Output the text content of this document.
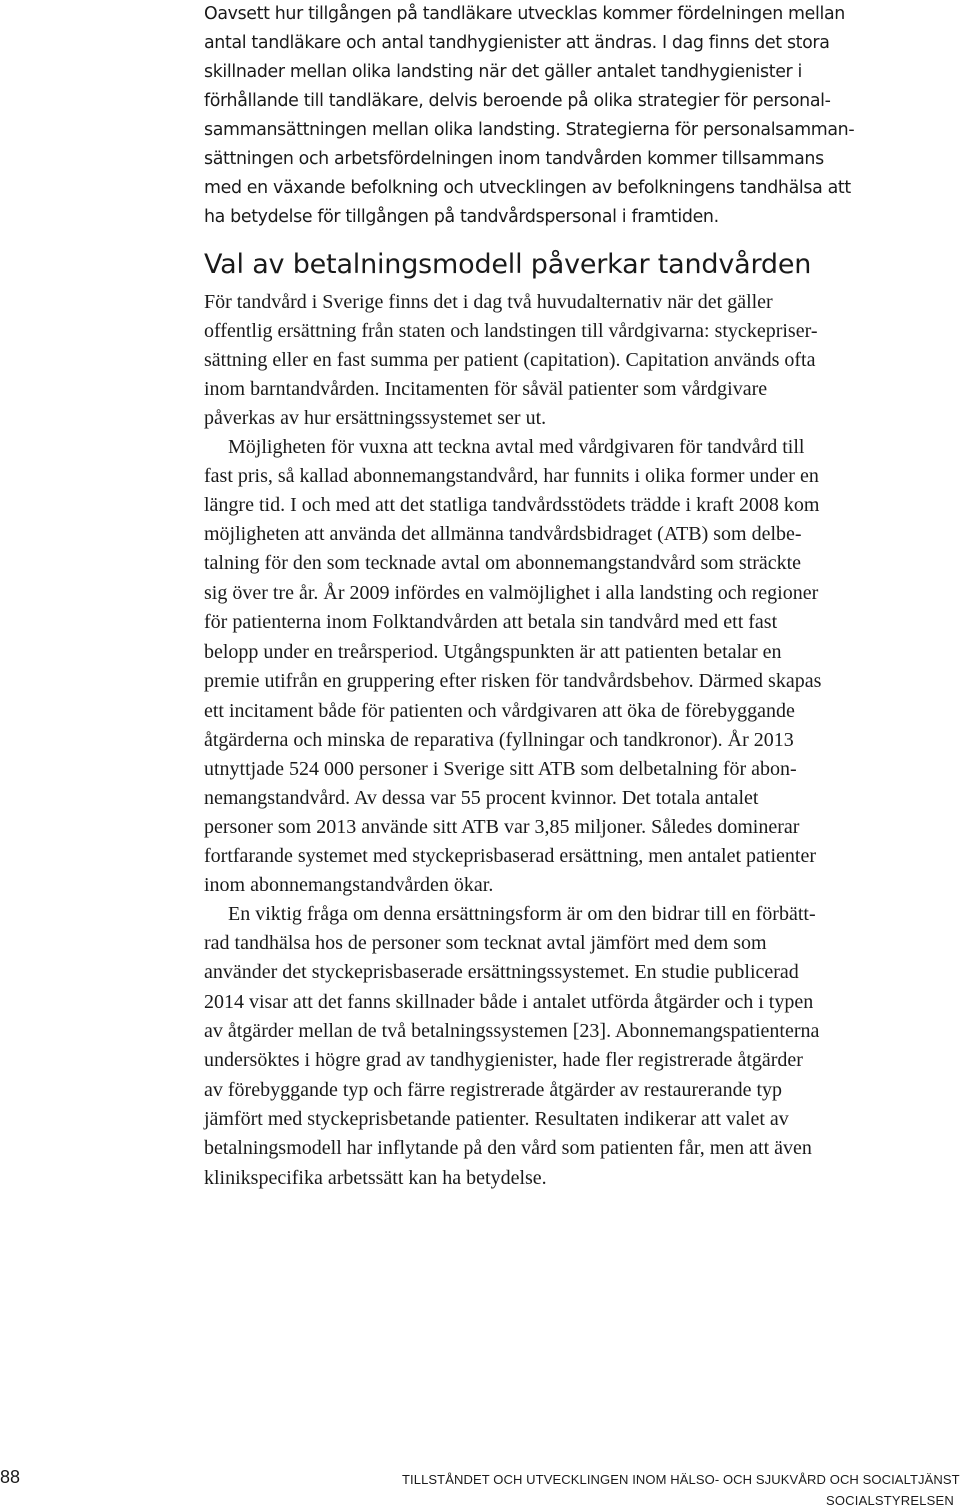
Oavsett hur tillgången på tandläkare utvecklas kommer fördelningen mellan
antal tandläkare och antal tandhygienister att ändras. I dag finns det stora
skillnader mellan olika landsting när det gäller antalet tandhygienister i
förhållande till tandläkare, delvis beroende på olika strategier för personal-
sammansättningen mellan olika landsting. Strategierna för personalsamman-
sättningen och arbetsfördelningen inom tandvården kommer tillsammans
med en växande befolkning och utvecklingen av befolkningens tandhälsa att
ha betydelse för tillgången på tandvårdspersonal i framtiden.
Val av betalningsmodell påverkar tandvården
För tandvård i Sverige finns det i dag två huvudalternativ när det gäller
offentlig ersättning från staten och landstingen till vårdgivarna: styckepriser-
sättning eller en fast summa per patient (capitation). Capitation används ofta
inom barntandvården. Incitamenten för såväl patienter som vårdgivare
påverkas av hur ersättningssystemet ser ut.
Möjligheten för vuxna att teckna avtal med vårdgivaren för tandvård till
fast pris, så kallad abonnemangstandvård, har funnits i olika former under en
längre tid. I och med att det statliga tandvårdsstödets trädde i kraft 2008 kom
möjligheten att använda det allmänna tandvårdsbidraget (ATB) som delbe-
talning för den som tecknade avtal om abonnemangstandvård som sträckte
sig över tre år. År 2009 infördes en valmöjlighet i alla landsting och regioner
för patienterna inom Folktandvården att betala sin tandvård med ett fast
belopp under en treårsperiod. Utgångspunkten är att patienten betalar en
premie utifrån en gruppering efter risken för tandvårdsbehov. Därmed skapas
ett incitament både för patienten och vårdgivaren att öka de förebyggande
åtgärderna och minska de reparativa (fyllningar och tandkronor). År 2013
utnyttjade 524 000 personer i Sverige sitt ATB som delbetalning för abon-
nemangstandvård. Av dessa var 55 procent kvinnor. Det totala antalet
personer som 2013 använde sitt ATB var 3,85 miljoner. Således dominerar
fortfarande systemet med styckeprisbaserad ersättning, men antalet patienter
inom abonnemangstandvården ökar.
En viktig fråga om denna ersättningsform är om den bidrar till en förbätt-
rad tandhälsa hos de personer som tecknat avtal jämfört med dem som
använder det styckeprisbaserade ersättningssystemet. En studie publicerad
2014 visar att det fanns skillnader både i antalet utförda åtgärder och i typen
av åtgärder mellan de två betalningssystemen [23]. Abonnemangspatienterna
undersöktes i högre grad av tandhygienister, hade fler registrerade åtgärder
av förebyggande typ och färre registrerade åtgärder av restaurerande typ
jämfört med styckeprisbetande patienter. Resultaten indikerar att valet av
betalningsmodell har inflytande på den vård som patienten får, men att även
klinikspecifika arbetssätt kan ha betydelse.
88	TILLSTÅNDET OCH UTVECKLINGEN INOM HÄLSO- OCH SJUKVÅRD OCH SOCIALTJÄNST
SOCIALSTYRELSEN
